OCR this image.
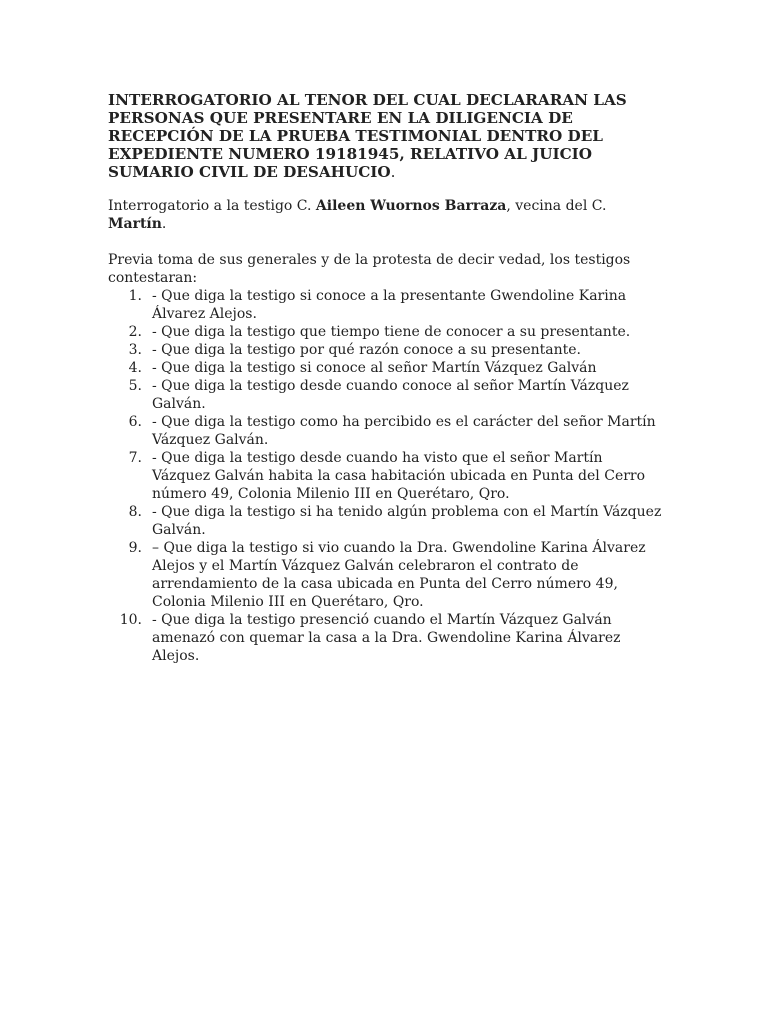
INTERROGATORIO AL TENOR DEL CUAL DECLARARAN LAS PERSONAS QUE PRESENTARE EN LA DILIGENCIA DE RECEPCIÓN DE LA PRUEBA TESTIMONIAL DENTRO DEL EXPEDIENTE NUMERO 19181945, RELATIVO AL JUICIO SUMARIO CIVIL DE DESAHUCIO.

Interrogatorio a la testigo C. Aileen Wuornos Barraza, vecina del C. Martín.

Previa toma de sus generales y de la protesta de decir vedad, los testigos contestaran:

1. - Que diga la testigo si conoce a la presentante Gwendoline Karina Álvarez Alejos.
2. - Que diga la testigo que tiempo tiene de conocer a su presentante.
3. - Que diga la testigo por qué razón conoce a su presentante.
4. - Que diga la testigo si conoce al señor Martín Vázquez Galván
5. - Que diga la testigo desde cuando conoce al señor Martín Vázquez Galván.
6. - Que diga la testigo como ha percibido es el carácter del señor Martín Vázquez Galván.
7. - Que diga la testigo desde cuando ha visto que el señor Martín Vázquez Galván habita la casa habitación ubicada en Punta del Cerro número 49, Colonia Milenio III en Querétaro, Qro.
8. - Que diga la testigo si ha tenido algún problema con el Martín Vázquez Galván.
9. – Que diga la testigo si vio cuando la Dra. Gwendoline Karina Álvarez Alejos y el Martín Vázquez Galván celebraron el contrato de arrendamiento de la casa ubicada en Punta del Cerro número 49, Colonia Milenio III en Querétaro, Qro.
10. - Que diga la testigo presenció cuando el Martín Vázquez Galván amenazó con quemar la casa a la Dra. Gwendoline Karina Álvarez Alejos.
